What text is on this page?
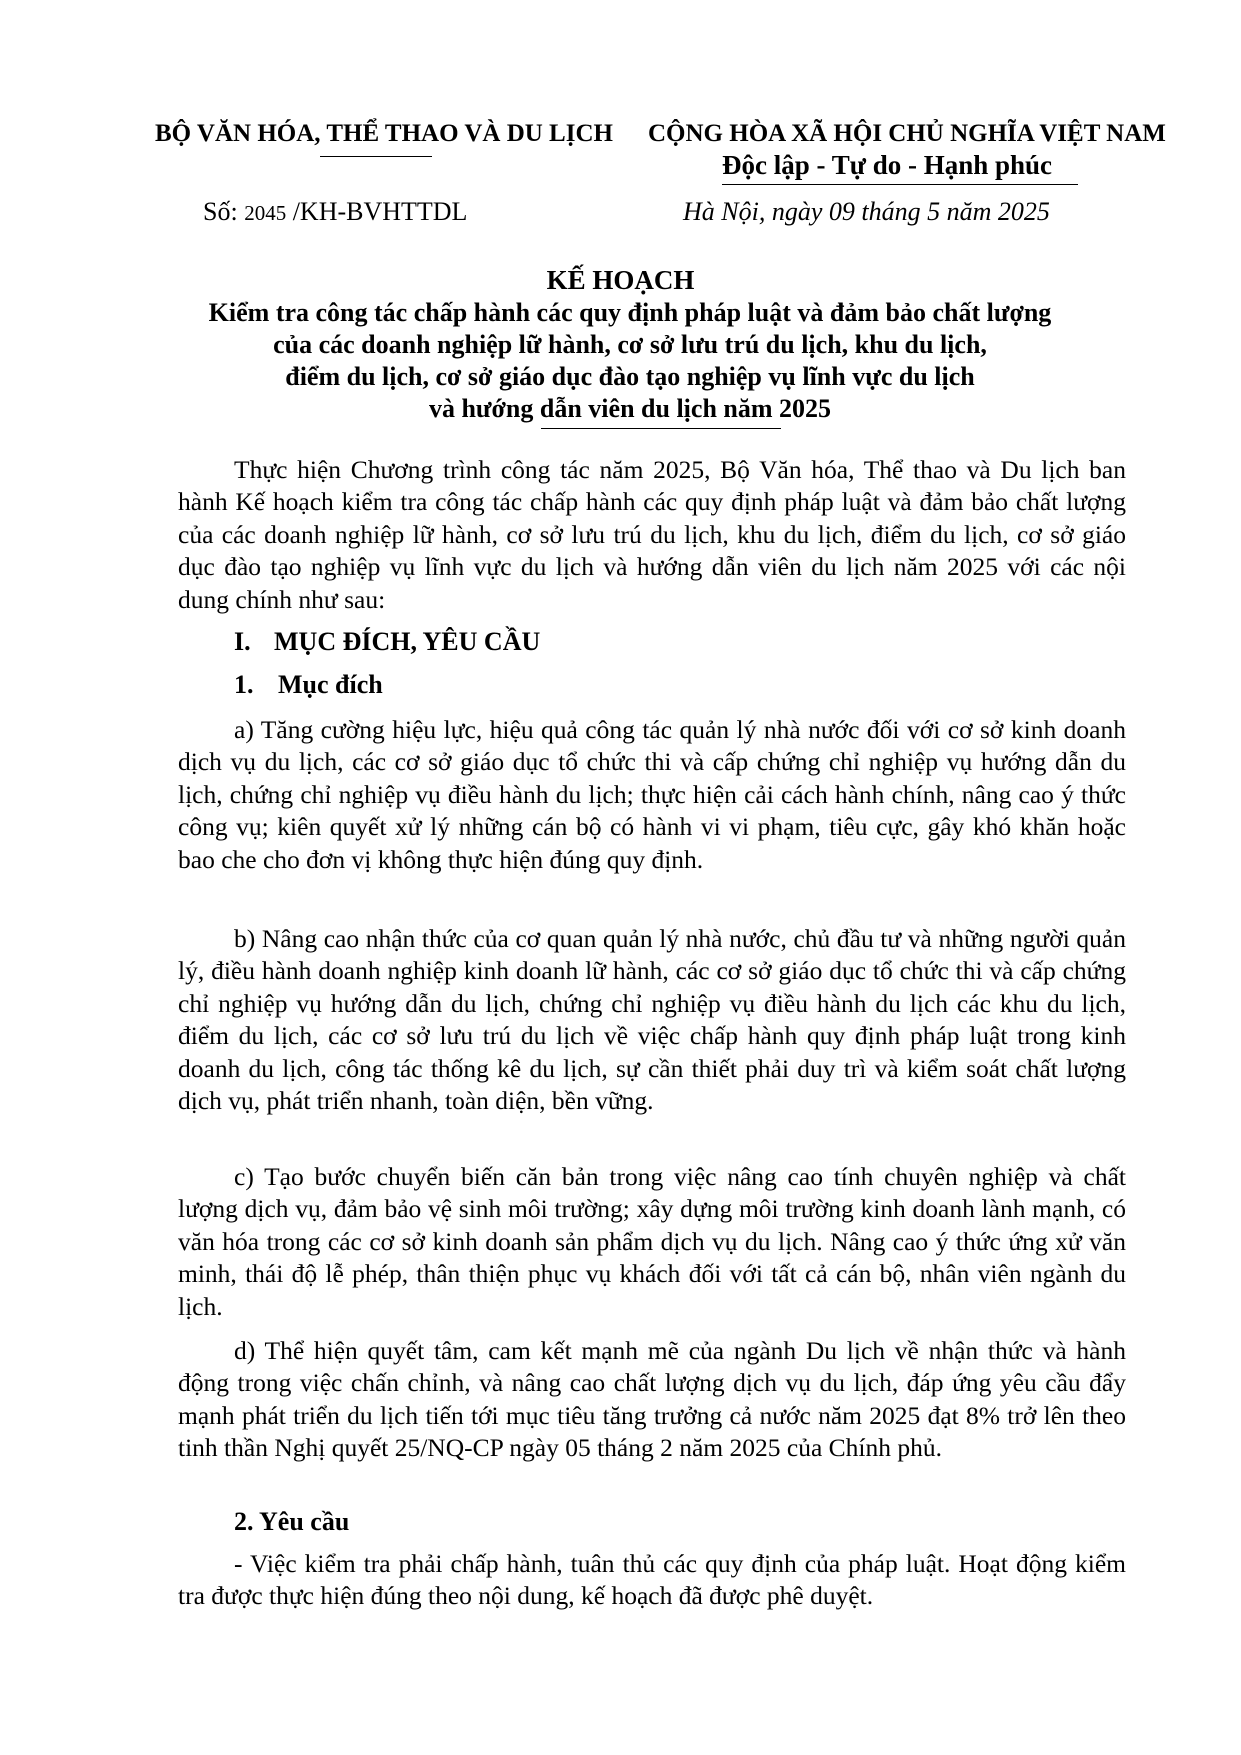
BỘ VĂN HÓA, THỂ THAO VÀ DU LỊCH CỘNG HÒA XÃ HỘI CHỦ NGHĨA VIỆT NAM
Độc lập - Tự do - Hạnh phúc
Số: 2045 /KH-BVHTTDL	Hà Nội, ngày 09 tháng 5 năm 2025
KẾ HOẠCH
Kiểm tra công tác chấp hành các quy định pháp luật và đảm bảo chất lượng
của các doanh nghiệp lữ hành, cơ sở lưu trú du lịch, khu du lịch,
điểm du lịch, cơ sở giáo dục đào tạo nghiệp vụ lĩnh vực du lịch
và hướng dẫn viên du lịch năm 2025

Thực hiện Chương trình công tác năm 2025, Bộ Văn hóa, Thể thao và Du lịch ban hành Kế hoạch kiểm tra công tác chấp hành các quy định pháp luật và đảm bảo chất lượng của các doanh nghiệp lữ hành, cơ sở lưu trú du lịch, khu du lịch, điểm du lịch, cơ sở giáo dục đào tạo nghiệp vụ lĩnh vực du lịch và hướng dẫn viên du lịch năm 2025 với các nội dung chính như sau:

I. MỤC ĐÍCH, YÊU CẦU
1. Mục đích

a) Tăng cường hiệu lực, hiệu quả công tác quản lý nhà nước đối với cơ sở kinh doanh dịch vụ du lịch, các cơ sở giáo dục tổ chức thi và cấp chứng chỉ nghiệp vụ hướng dẫn du lịch, chứng chỉ nghiệp vụ điều hành du lịch; thực hiện cải cách hành chính, nâng cao ý thức công vụ; kiên quyết xử lý những cán bộ có hành vi vi phạm, tiêu cực, gây khó khăn hoặc bao che cho đơn vị không thực hiện đúng quy định.

b) Nâng cao nhận thức của cơ quan quản lý nhà nước, chủ đầu tư và những người quản lý, điều hành doanh nghiệp kinh doanh lữ hành, các cơ sở giáo dục tổ chức thi và cấp chứng chỉ nghiệp vụ hướng dẫn du lịch, chứng chỉ nghiệp vụ điều hành du lịch các khu du lịch, điểm du lịch, các cơ sở lưu trú du lịch về việc chấp hành quy định pháp luật trong kinh doanh du lịch, công tác thống kê du lịch, sự cần thiết phải duy trì và kiểm soát chất lượng dịch vụ, phát triển nhanh, toàn diện, bền vững.

c) Tạo bước chuyển biến căn bản trong việc nâng cao tính chuyên nghiệp và chất lượng dịch vụ, đảm bảo vệ sinh môi trường; xây dựng môi trường kinh doanh lành mạnh, có văn hóa trong các cơ sở kinh doanh sản phẩm dịch vụ du lịch. Nâng cao ý thức ứng xử văn minh, thái độ lễ phép, thân thiện phục vụ khách đối với tất cả cán bộ, nhân viên ngành du lịch.

d) Thể hiện quyết tâm, cam kết mạnh mẽ của ngành Du lịch về nhận thức và hành động trong việc chấn chỉnh, và nâng cao chất lượng dịch vụ du lịch, đáp ứng yêu cầu đẩy mạnh phát triển du lịch tiến tới mục tiêu tăng trưởng cả nước năm 2025 đạt 8% trở lên theo tinh thần Nghị quyết 25/NQ-CP ngày 05 tháng 2 năm 2025 của Chính phủ.

2. Yêu cầu

- Việc kiểm tra phải chấp hành, tuân thủ các quy định của pháp luật. Hoạt động kiểm tra được thực hiện đúng theo nội dung, kế hoạch đã được phê duyệt.
